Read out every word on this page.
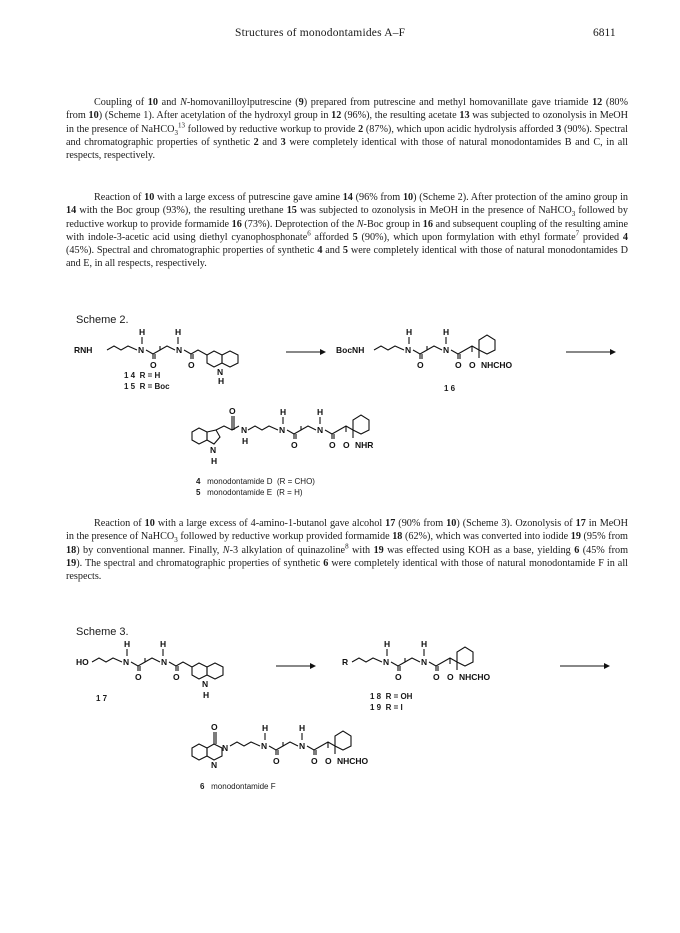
Structures of monodontamides A–F	6811
Coupling of 10 and N-homovanilloylputrescine (9) prepared from putrescine and methyl homovanillate gave triamide 12 (80% from 10) (Scheme 1). After acetylation of the hydroxyl group in 12 (96%), the resulting acetate 13 was subjected to ozonolysis in MeOH in the presence of NaHCO$_3^{13}$ followed by reductive workup to provide 2 (87%), which upon acidic hydrolysis afforded 3 (90%). Spectral and chromatographic properties of synthetic 2 and 3 were completely identical with those of natural monodontamides B and C, in all respects, respectively.
Reaction of 10 with a large excess of putrescine gave amine 14 (96% from 10) (Scheme 2). After protection of the amino group in 14 with the Boc group (93%), the resulting urethane 15 was subjected to ozonolysis in MeOH in the presence of NaHCO$_3$ followed by reductive workup to provide formamide 16 (73%). Deprotection of the N-Boc group in 16 and subsequent coupling of the resulting amine with indole-3-acetic acid using diethyl cyanophosphonate$^6$ afforded 5 (90%), which upon formylation with ethyl formate$^7$ provided 4 (45%). Spectral and chromatographic properties of synthetic 4 and 5 were completely identical with those of natural monodontamides D and E, in all respects, respectively.
Scheme 2.
RNH	N
H
N
H
O	O
N
H
1 4  R = H
1 5  R = Boc
→ BocNH	N
H
N
H
O	O O NHCHO
1 6
O
N
H
N
H
N
H
N
H
O	O O NHR
4 monodontamide D (R = CHO)
5 monodontamide E (R = H)
Reaction of 10 with a large excess of 4-amino-1-butanol gave alcohol 17 (90% from 10) (Scheme 3). Ozonolysis of 17 in MeOH in the presence of NaHCO$_3$ followed by reductive workup provided formamide 18 (62%), which was converted into iodide 19 (95% from 18) by conventional manner. Finally, N-3 alkylation of quinazoline$^8$ with 19 was effected using KOH as a base, yielding 6 (45% from 19). The spectral and chromatographic properties of synthetic 6 were completely identical with those of natural monodontamide F in all respects.
Scheme 3.
HO	N
H
N
H
O	O
N
H
1 7
R	N
H
N
H
O	O O NHCHO
1 8  R = OH
1 9  R = I
O
N
N
N
H
N
H
O	O O NHCHO
6 monodontamide F
